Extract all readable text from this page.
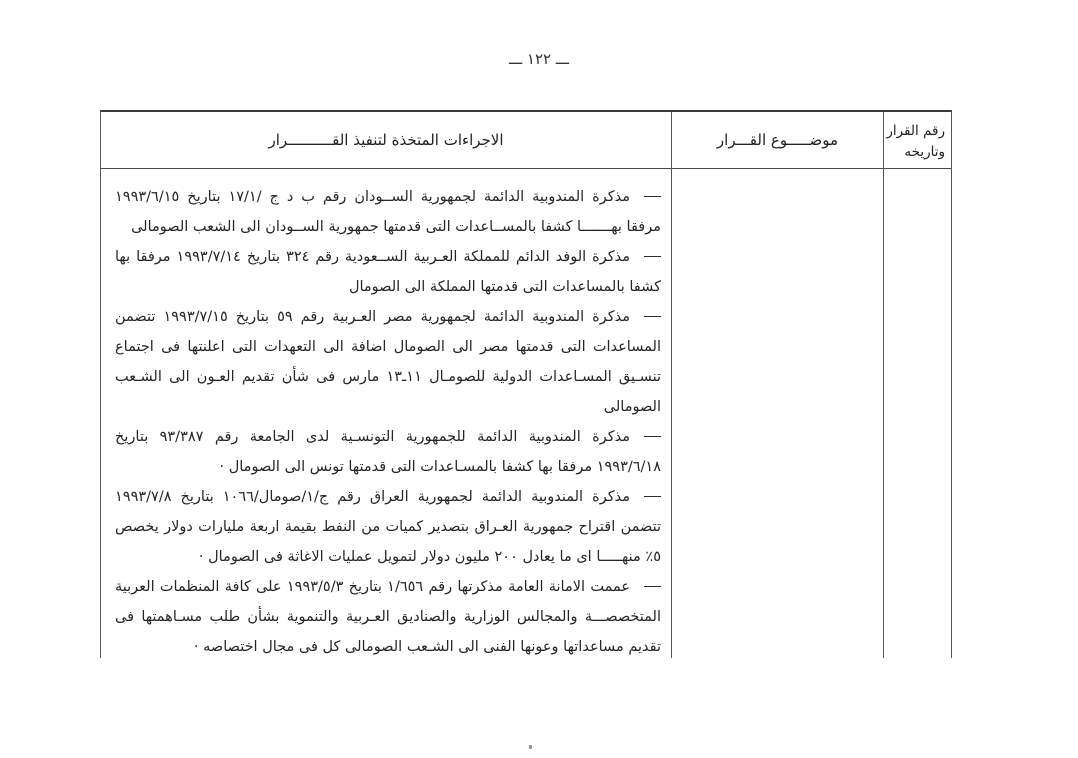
ـــ ١٢٢ ـــ
رقم القرار
وتاريخه
موضـــــوع القـــرار
الاجراءات المتخذة لتنفيذ القــــــــــرار

مذكرة المندوبية الدائمة لجمهورية الســودان رقم ب د ج /١٧/١ بتاريخ ١٩٩٣/٦/١٥ مرفقا بهـــــــا كشفا بالمســاعدات التى قدمتها جمهورية الســودان الى الشعب الصومالى

مذكرة الوفد الدائم للمملكة العـربية الســعودية رقم ٣٢٤ بتاريخ ١٩٩٣/٧/١٤ مرفقا بها كشفا بالمساعدات التى قدمتها المملكة الى الصومال

مذكرة المندوبية الدائمة لجمهورية مصر العـربية رقم ٥٩ بتاريخ ١٩٩٣/٧/١٥ تتضمن المساعدات التى قدمتها مصر الى الصومال اضافة الى التعهدات التى اعلنتها فى اجتماع تنسـيق المسـاعدات الدولية للصومـال ‪١١ـ١٣‬ مارس فى شأن تقديم العـون الى الشـعب الصومالى

مذكرة المندوبية الدائمة للجمهورية التونسـية لدى الجامعة رقم ٩٣/٣٨٧ بتاريخ ١٩٩٣/٦/١٨ مرفقا بها كشفا بالمسـاعدات التى قدمتها تونس الى الصومال ·

مذكرة المندوبية الدائمة لجمهورية العراق رقم ج/١/صومال/١٠٦٦ بتاريخ ١٩٩٣/٧/٨ تتضمن اقتراح جمهورية العـراق بتصدير كميات من النفط بقيمة اربعة مليارات دولار يخصص ٥٪ منهـــــا اى ما يعادل ٢٠٠ مليون دولار لتمويل عمليات الاغاثة فى الصومال ·

عممت الامانة العامة مذكرتها رقم ١/٦٥٦ بتاريخ ١٩٩٣/٥/٣ على كافة المنظمات العربية المتخصصـــة والمجالس الوزارية والصناديق العـربية والتنموية بشأن طلب مسـاهمتها فى تقديم مساعداتها وعونها الفنى الى الشـعب الصومالى كل فى مجال اختصاصه ·
